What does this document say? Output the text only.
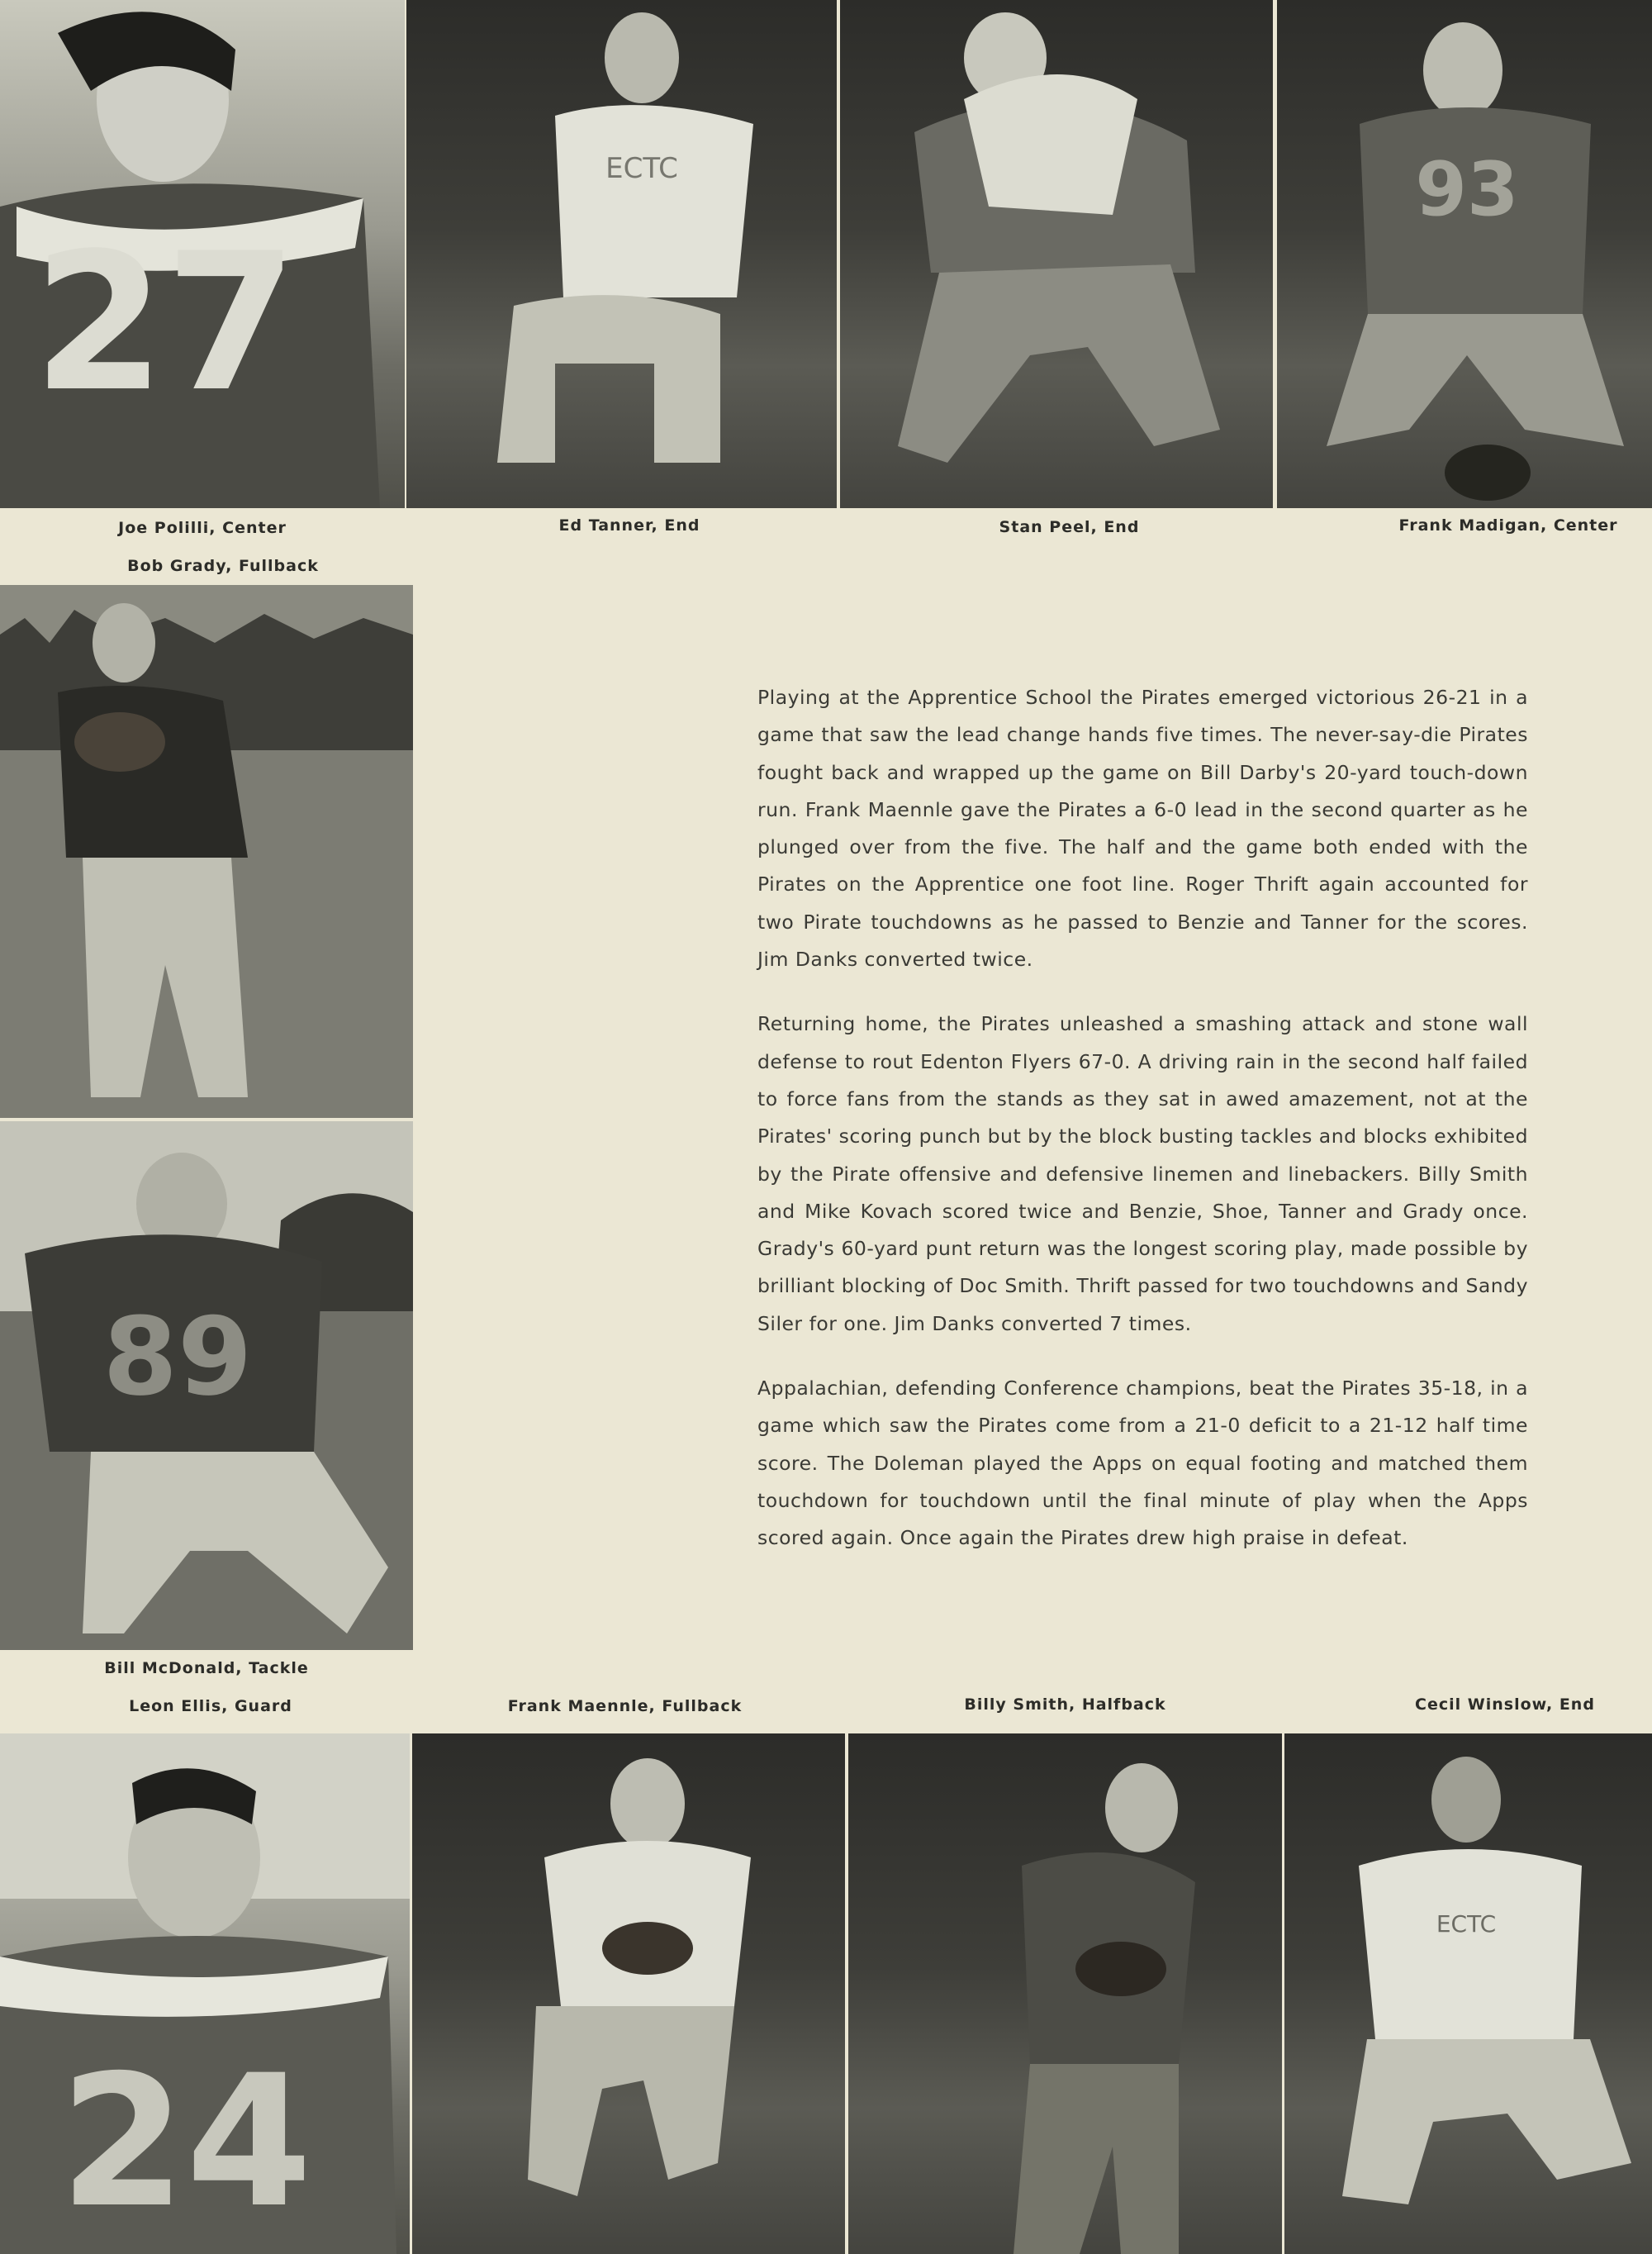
27
ECTC	93
Joe Polilli, Center	Ed Tanner, End	Stan Peel, End	Frank Madigan, Center
Bob Grady, Fullback
89
Bill McDonald, Tackle

Playing at the Apprentice School the Pirates emerged victorious 26-21 in a game that saw the lead change hands five times. The never-say-die Pirates fought back and wrapped up the game on Bill Darby's 20-yard touch-down run. Frank Maennle gave the Pirates a 6-0 lead in the second quarter as he plunged over from the five. The half and the game both ended with the Pirates on the Apprentice one foot line. Roger Thrift again accounted for two Pirate touchdowns as he passed to Benzie and Tanner for the scores. Jim Danks converted twice.

Returning home, the Pirates unleashed a smashing attack and stone wall defense to rout Edenton Flyers 67-0. A driving rain in the second half failed to force fans from the stands as they sat in awed amazement, not at the Pirates' scoring punch but by the block busting tackles and blocks exhibited by the Pirate offensive and defensive linemen and linebackers. Billy Smith and Mike Kovach scored twice and Benzie, Shoe, Tanner and Grady once. Grady's 60-yard punt return was the longest scoring play, made possible by brilliant blocking of Doc Smith. Thrift passed for two touchdowns and Sandy Siler for one. Jim Danks converted 7 times.

Appalachian, defending Conference champions, beat the Pirates 35-18, in a game which saw the Pirates come from a 21-0 deficit to a 21-12 half time score. The Doleman played the Apps on equal footing and matched them touchdown for touchdown until the final minute of play when the Apps scored again. Once again the Pirates drew high praise in defeat.

Leon Ellis, Guard	Frank Maennle, Fullback	Billy Smith, Halfback	Cecil Winslow, End
24
ECTC
